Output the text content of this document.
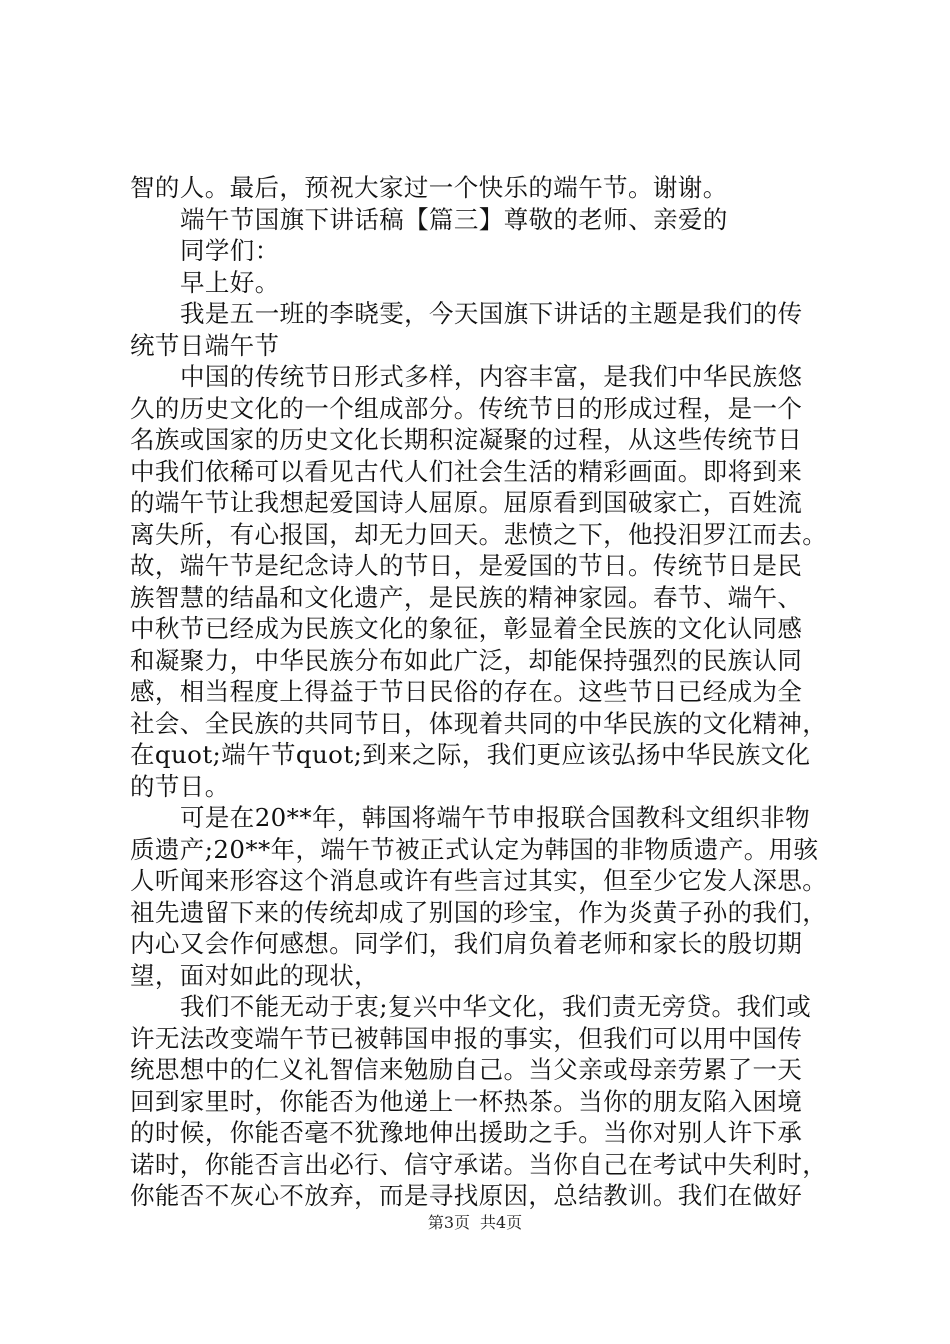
智的人。最后，预祝大家过一个快乐的端午节。谢谢。
端午节国旗下讲话稿【篇三】尊敬的老师、亲爱的
同学们：
早上好。
我是五一班的李晓雯，今天国旗下讲话的主题是我们的传
统节日端午节
中国的传统节日形式多样，内容丰富，是我们中华民族悠
久的历史文化的一个组成部分。传统节日的形成过程，是一个
名族或国家的历史文化长期积淀凝聚的过程，从这些传统节日
中我们依稀可以看见古代人们社会生活的精彩画面。即将到来
的端午节让我想起爱国诗人屈原。屈原看到国破家亡，百姓流
离失所，有心报国，却无力回天。悲愤之下，他投汨罗江而去。
故，端午节是纪念诗人的节日，是爱国的节日。传统节日是民
族智慧的结晶和文化遗产，是民族的精神家园。春节、端午、
中秋节已经成为民族文化的象征，彰显着全民族的文化认同感
和凝聚力，中华民族分布如此广泛，却能保持强烈的民族认同
感，相当程度上得益于节日民俗的存在。这些节日已经成为全
社会、全民族的共同节日，体现着共同的中华民族的文化精神，
在quot;端午节quot;到来之际，我们更应该弘扬中华民族文化
的节日。
可是在20**年，韩国将端午节申报联合国教科文组织非物
质遗产;20**年，端午节被正式认定为韩国的非物质遗产。用骇
人听闻来形容这个消息或许有些言过其实，但至少它发人深思。
祖先遗留下来的传统却成了别国的珍宝，作为炎黄子孙的我们，
内心又会作何感想。同学们，我们肩负着老师和家长的殷切期
望，面对如此的现状，
我们不能无动于衷;复兴中华文化，我们责无旁贷。我们或
许无法改变端午节已被韩国申报的事实，但我们可以用中国传
统思想中的仁义礼智信来勉励自己。当父亲或母亲劳累了一天
回到家里时，你能否为他递上一杯热茶。当你的朋友陷入困境
的时候，你能否毫不犹豫地伸出援助之手。当你对别人许下承
诺时，你能否言出必行、信守承诺。当你自己在考试中失利时，
你能否不灰心不放弃，而是寻找原因，总结教训。我们在做好
第3页 共4页
